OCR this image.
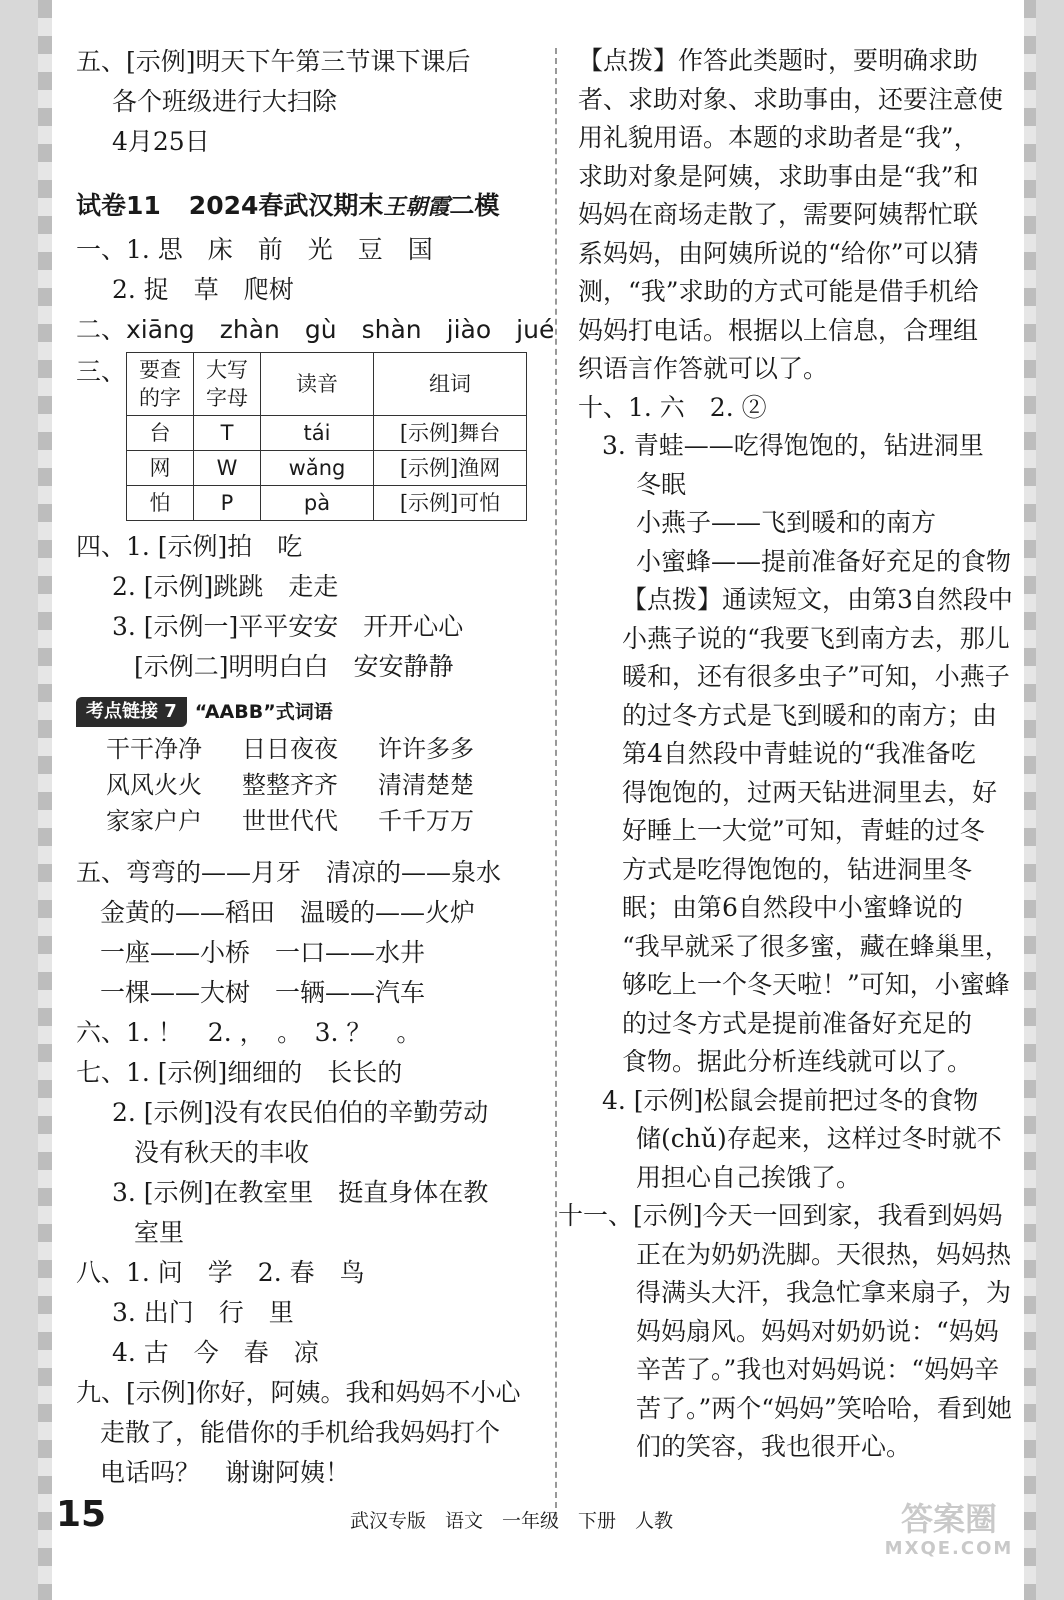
五、[示例]明天下午第三节课下课后
各个班级进行大扫除
4月25日
试卷11 2024春武汉期末王朝霞二模
一、1. 思　床　前　光　豆　国
2. 捉　草　爬树
二、xiāng　zhàn　gù　shàn　jiào　jué
三、 要查的字	大写字母	读音	组词
台	T	tái	[示例]舞台
网	W	wǎng	[示例]渔网
怕	P	pà	[示例]可怕
四、1. [示例]拍　吃
2. [示例]跳跳　走走
3. [示例一]平平安安　开开心心
[示例二]明明白白　安安静静
考点链接 7 “AABB”式词语
干干净净	日日夜夜	许许多多
风风火火	整整齐齐	清清楚楚
家家户户	世世代代	千千万万
五、弯弯的——月牙　清凉的——泉水
金黄的——稻田　温暖的——火炉
一座——小桥　一口——水井
一棵——大树　一辆——汽车
六、1. ！　2. ，　。　3. ？　。
七、1. [示例]细细的　长长的
2. [示例]没有农民伯伯的辛勤劳动
没有秋天的丰收
3. [示例]在教室里　挺直身体在教
室里
八、1. 问　学　2. 春　鸟
3. 出门　行　里
4. 古　今　春　凉
九、[示例]你好，阿姨。我和妈妈不小心
走散了，能借你的手机给我妈妈打个
电话吗？　谢谢阿姨！
【点拨】作答此类题时，要明确求助
者、求助对象、求助事由，还要注意使
用礼貌用语。本题的求助者是“我”，
求助对象是阿姨，求助事由是“我”和
妈妈在商场走散了，需要阿姨帮忙联
系妈妈，由阿姨所说的“给你”可以猜
测，“我”求助的方式可能是借手机给
妈妈打电话。根据以上信息，合理组
织语言作答就可以了。
十、1. 六　2. ②
3. 青蛙——吃得饱饱的，钻进洞里
冬眠
小燕子——飞到暖和的南方
小蜜蜂——提前准备好充足的食物
【点拨】通读短文，由第3自然段中
小燕子说的“我要飞到南方去，那儿
暖和，还有很多虫子”可知，小燕子
的过冬方式是飞到暖和的南方；由
第4自然段中青蛙说的“我准备吃
得饱饱的，过两天钻进洞里去，好
好睡上一大觉”可知，青蛙的过冬
方式是吃得饱饱的，钻进洞里冬
眠；由第6自然段中小蜜蜂说的
“我早就采了很多蜜，藏在蜂巢里，
够吃上一个冬天啦！”可知，小蜜蜂
的过冬方式是提前准备好充足的
食物。据此分析连线就可以了。
4. [示例]松鼠会提前把过冬的食物
储(chǔ)存起来，这样过冬时就不
用担心自己挨饿了。
十一、[示例]今天一回到家，我看到妈妈
正在为奶奶洗脚。天很热，妈妈热
得满头大汗，我急忙拿来扇子，为
妈妈扇风。妈妈对奶奶说：“妈妈
辛苦了。”我也对妈妈说：“妈妈辛
苦了。”两个“妈妈”笑哈哈，看到她
们的笑容，我也很开心。
15	武汉专版　语文　一年级　下册　人教	答案圈
MXQE.COM
